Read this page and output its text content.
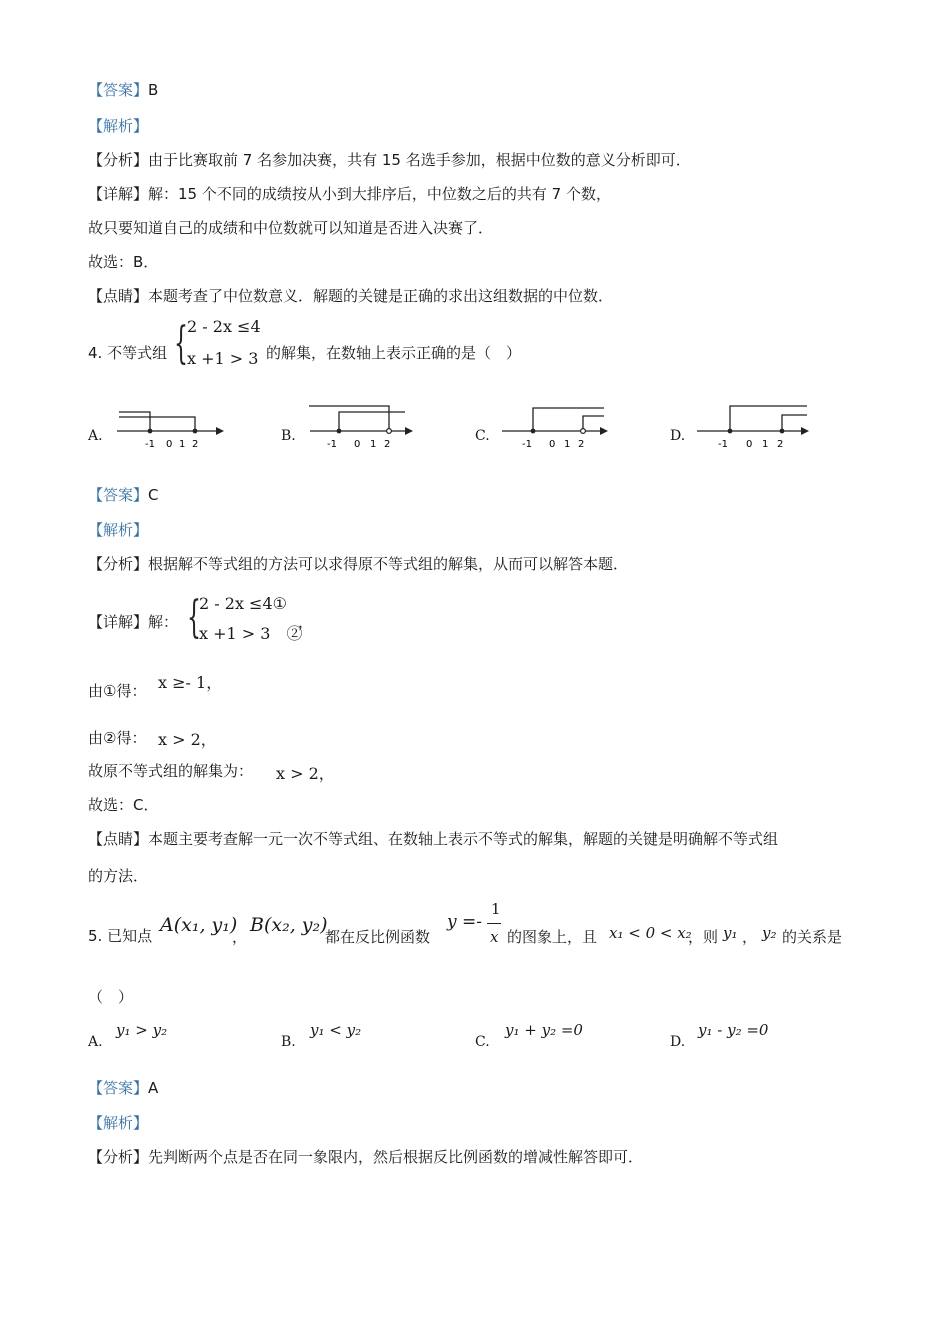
【答案】B
【解析】
【分析】由于比赛取前 7 名参加决赛，共有 15 名选手参加，根据中位数的意义分析即可．
【详解】解：15 个不同的成绩按从小到大排序后，中位数之后的共有 7 个数，
故只要知道自己的成绩和中位数就可以知道是否进入决赛了．
故选：B．
【点睛】本题考查了中位数意义．解题的关键是正确的求出这组数据的中位数．
4. 不等式组 { 2 - 2x ≤4
x +1 > 3 的解集，在数轴上表示正确的是（　）
A.
-1 0 1 2
B.
-1 0 1 2
C.
-1 0 1 2
D.
-1 0 1 2
【答案】C
【解析】
【分析】根据解不等式组的方法可以求得原不等式组的解集，从而可以解答本题．
【详解】解： {
2 - 2x ≤4①
x +1 > 3　②
，
由①得： x ≥- 1，
由②得： x > 2，
故原不等式组的解集为： x > 2，
故选：C．
【点睛】本题主要考查解一元一次不等式组、在数轴上表示不等式的解集，解题的关键是明确解不等式组
的方法．
5. 已知点 A(x₁, y₁)
，
B(x₂, y₂)
都在反比例函数
y =-
1
x 的图象上，且 x₁ < 0 < x₂
，则 y₁ ， y₂ 的关系是
（　）
A.
y₁ > y₂
B.
y₁ < y₂
C.
y₁ + y₂ =0
D.
y₁ - y₂ =0
【答案】A
【解析】
【分析】先判断两个点是否在同一象限内，然后根据反比例函数的增减性解答即可．
